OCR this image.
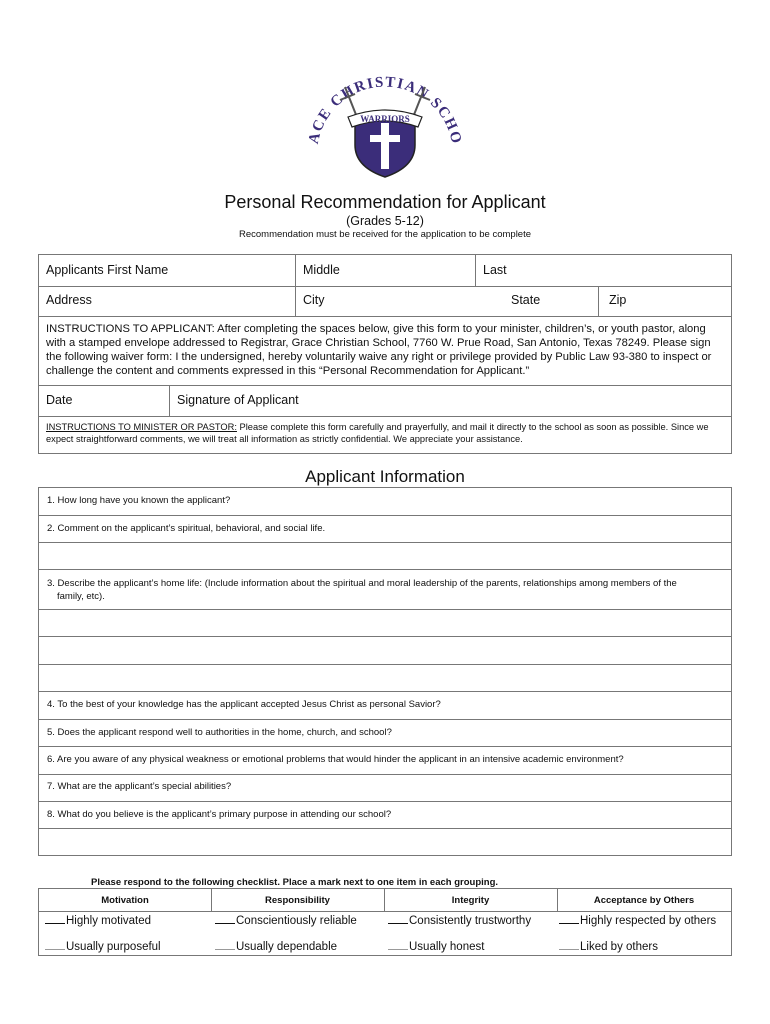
ACE CHRISTIAN SCHO
WARRIORS
Personal Recommendation for Applicant
(Grades 5-12)
Recommendation must be received for the application to be complete
Applicants First Name	Middle	Last
Address	City	State	Zip
INSTRUCTIONS TO APPLICANT: After completing the spaces below, give this form to your minister, children’s, or youth pastor, along with a stamped envelope addressed to Registrar, Grace Christian School, 7760 W. Prue Road, San Antonio, Texas 78249. Please sign the following waiver form: I the undersigned, hereby voluntarily waive any right or privilege provided by Public Law 93-380 to inspect or challenge the content and comments expressed in this “Personal Recommendation for Applicant.”
Date	Signature of Applicant
INSTRUCTIONS TO MINISTER OR PASTOR: Please complete this form carefully and prayerfully, and mail it directly to the school as soon as possible. Since we expect straightforward comments, we will treat all information as strictly confidential. We appreciate your assistance.
Applicant Information
1. How long have you known the applicant?
2. Comment on the applicant’s spiritual, behavioral, and social life.
3. Describe the applicant’s home life: (Include information about the spiritual and moral leadership of the parents, relationships among members of the
family, etc).
4. To the best of your knowledge has the applicant accepted Jesus Christ as personal Savior?
5. Does the applicant respond well to authorities in the home, church, and school?
6. Are you aware of any physical weakness or emotional problems that would hinder the applicant in an intensive academic environment?
7. What are the applicant’s special abilities?
8. What do you believe is the applicant’s primary purpose in attending our school?
Please respond to the following checklist. Place a mark next to one item in each grouping.
Motivation	Responsibility	Integrity	Acceptance by Others
Highly motivated	Conscientiously reliable	Consistently trustworthy	Highly respected by others
Usually purposeful	Usually dependable	Usually honest	Liked by others
